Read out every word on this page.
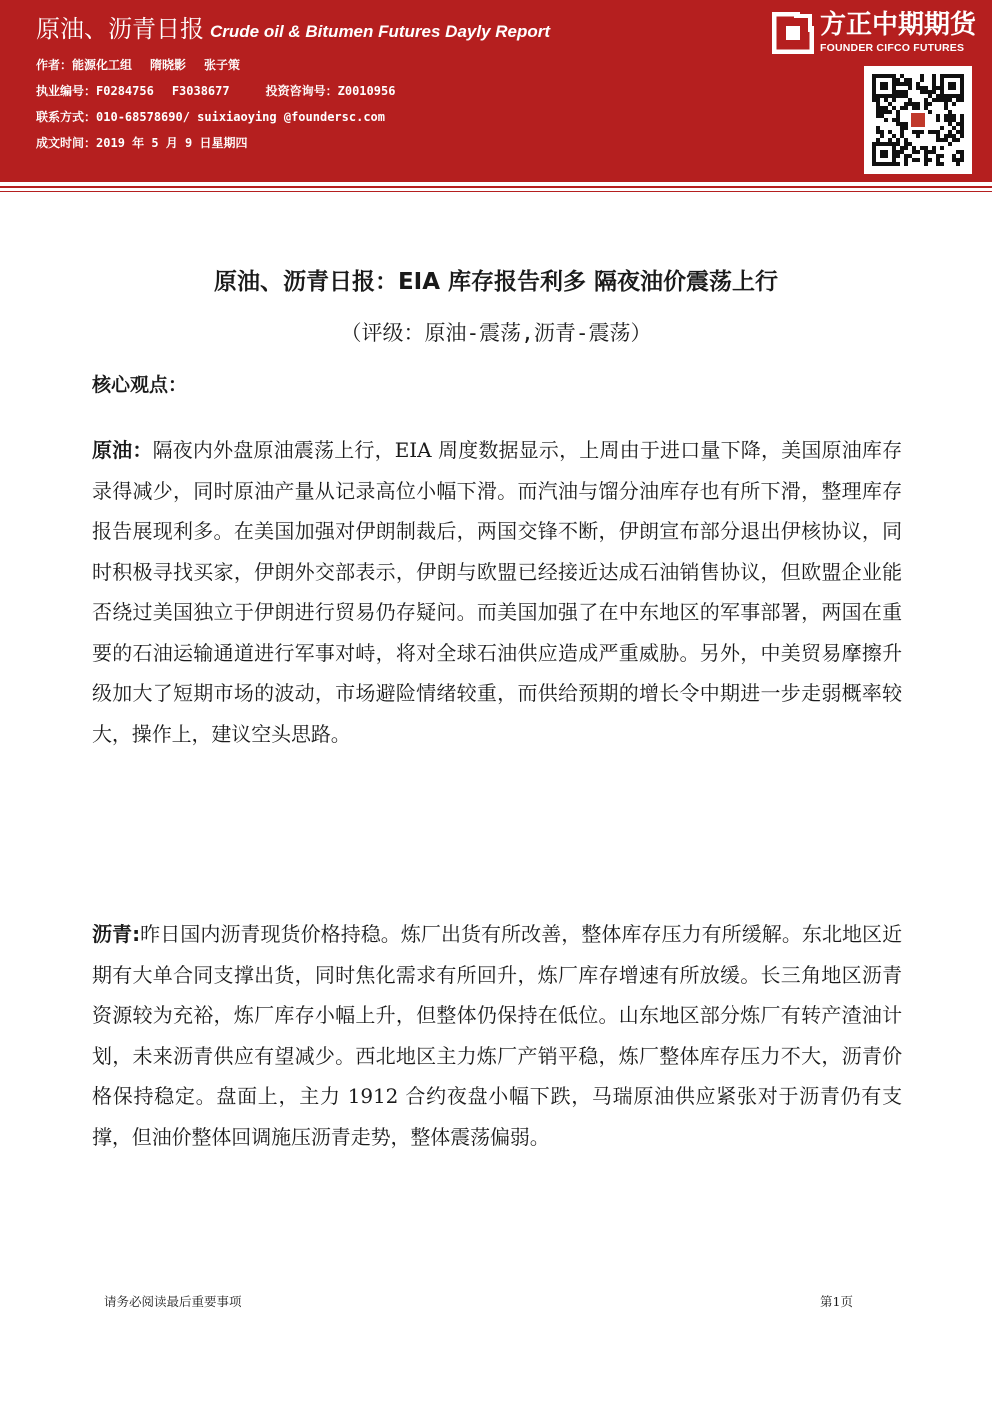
原油、沥青日报 Crude oil & Bitumen Futures Dayly Report
作者：能源化工组 隋晓影 张子策
执业编号：F0284756 F3038677	投资咨询号：Z0010956
联系方式：010-68578690/ suixiaoying @foundersc.com
成文时间：2019 年 5 月 9 日星期四
方正中期期货
FOUNDER CIFCO FUTURES
原油、沥青日报：EIA 库存报告利多 隔夜油价震荡上行
（评级：原油-震荡,沥青-震荡）
核心观点：
原油：隔夜内外盘原油震荡上行，EIA 周度数据显示，上周由于进口量下降，美国原油库存录得减少，同时原油产量从记录高位小幅下滑。而汽油与馏分油库存也有所下滑，整理库存报告展现利多。在美国加强对伊朗制裁后，两国交锋不断，伊朗宣布部分退出伊核协议，同时积极寻找买家，伊朗外交部表示，伊朗与欧盟已经接近达成石油销售协议，但欧盟企业能否绕过美国独立于伊朗进行贸易仍存疑问。而美国加强了在中东地区的军事部署，两国在重要的石油运输通道进行军事对峙，将对全球石油供应造成严重威胁。另外，中美贸易摩擦升级加大了短期市场的波动，市场避险情绪较重，而供给预期的增长令中期进一步走弱概率较大，操作上，建议空头思路。
沥青:昨日国内沥青现货价格持稳。炼厂出货有所改善，整体库存压力有所缓解。东北地区近期有大单合同支撑出货，同时焦化需求有所回升，炼厂库存增速有所放缓。长三角地区沥青资源较为充裕，炼厂库存小幅上升，但整体仍保持在低位。山东地区部分炼厂有转产渣油计划，未来沥青供应有望减少。西北地区主力炼厂产销平稳，炼厂整体库存压力不大，沥青价格保持稳定。盘面上，主力 1912 合约夜盘小幅下跌，马瑞原油供应紧张对于沥青仍有支撑，但油价整体回调施压沥青走势，整体震荡偏弱。
请务必阅读最后重要事项	第1页
